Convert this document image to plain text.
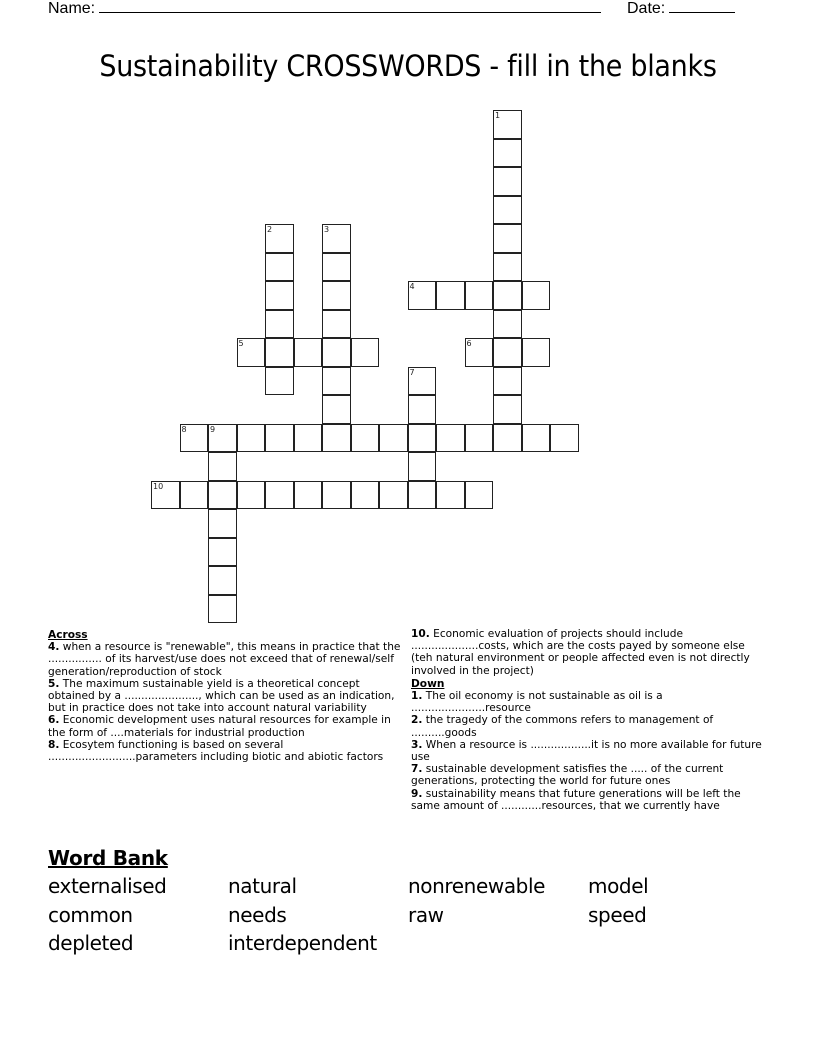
Name:	Date:
Sustainability CROSSWORDS - fill in the blanks
1
2	3
4
5	6
7
8	9
10
Across
4. when a resource is "renewable", this means in practice that the ................ of its harvest/use does not exceed that of renewal/self generation/reproduction of stock
5. The maximum sustainable yield is a theoretical concept obtained by a ......................, which can be used as an indication, but in practice does not take into account natural variability
6. Economic development uses natural resources for example in the form of ....materials for industrial production
8. Ecosytem functioning is based on several ..........................parameters including biotic and abiotic factors
10. Economic evaluation of projects should include ....................costs, which are the costs payed by someone else (teh natural environment or people affected even is not directly involved in the project)
Down
1. The oil economy is not sustainable as oil is a ......................resource
2. the tragedy of the commons refers to management of ..........goods
3. When a resource is ..................it is no more available for future use
7. sustainable development satisfies the ..... of the current generations, protecting the world for future ones
9. sustainability means that future generations will be left the same amount of ............resources, that we currently have
Word Bank
externalised	natural	nonrenewable	model
common	needs	raw	speed
depleted	interdependent
